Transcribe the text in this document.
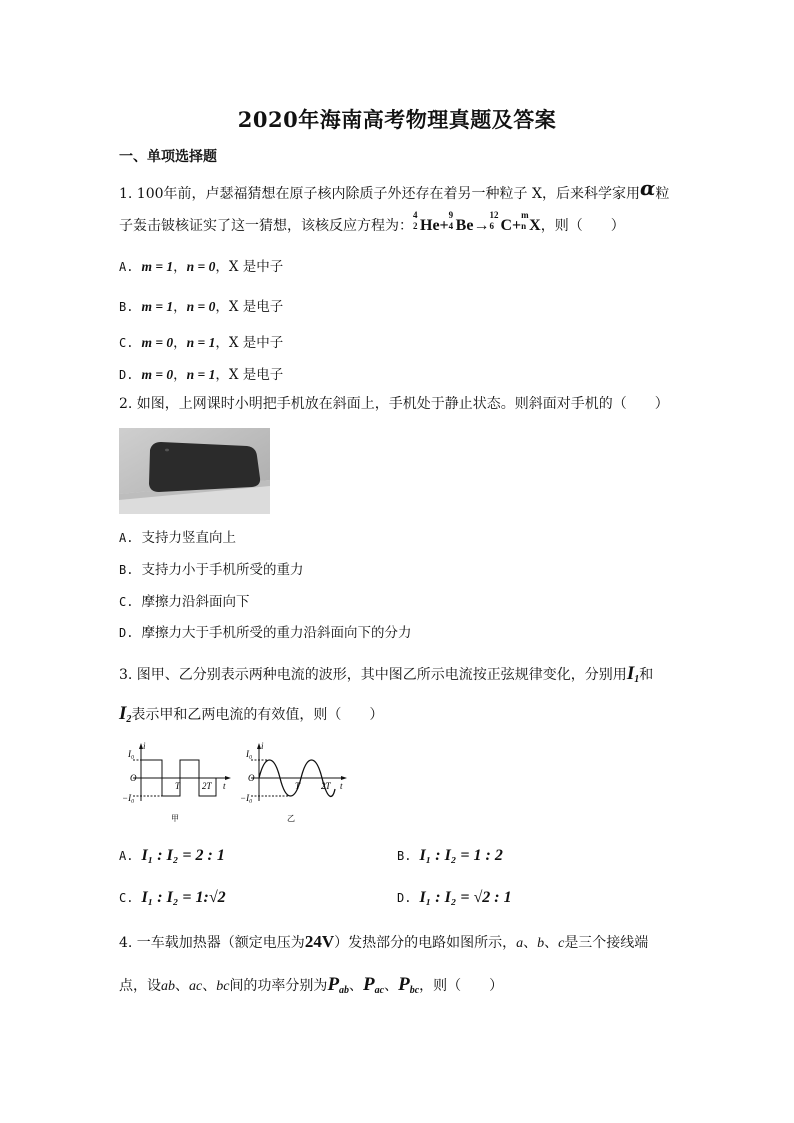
2020年海南高考物理真题及答案
一、单项选择题
1. 100年前，卢瑟福猜想在原子核内除质子外还存在着另一种粒子 X，后来科学家用α粒
子轰击铍核证实了这一猜想，该核反应方程为：
4
2 He+
9
4 Be→
12
6 C+
m
n X，则（　　）
A. m = 1，n = 0，X 是中子
B. m = 1，n = 0，X 是电子
C. m = 0，n = 1，X 是中子
D. m = 0，n = 1，X 是电子
2. 如图，上网课时小明把手机放在斜面上，手机处于静止状态。则斜面对手机的（　　）
A. 支持力竖直向上
B. 支持力小于手机所受的重力
C. 摩擦力沿斜面向下
D. 摩擦力大于手机所受的重力沿斜面向下的分力
3. 图甲、乙分别表示两种电流的波形，其中图乙所示电流按正弦规律变化，分别用$I_1$和
$I_2$表示甲和乙两电流的有效值，则（　　）
i
I₀
O
−I₀
T 2T t
甲
i
I₀
O
−I₀
T 2T t
乙
A. I₁ : I₂ = 2 : 1	B. I₁ : I₂ = 1 : 2
C. I₁ : I₂ = 1:√2	D. I₁ : I₂ = √2 : 1
4. 一车载加热器（额定电压为24V）发热部分的电路如图所示，a、b、c是三个接线端
点，设ab、ac、bc间的功率分别为$P_{ab}$、$P_{ac}$、$P_{bc}$，则（　　）
